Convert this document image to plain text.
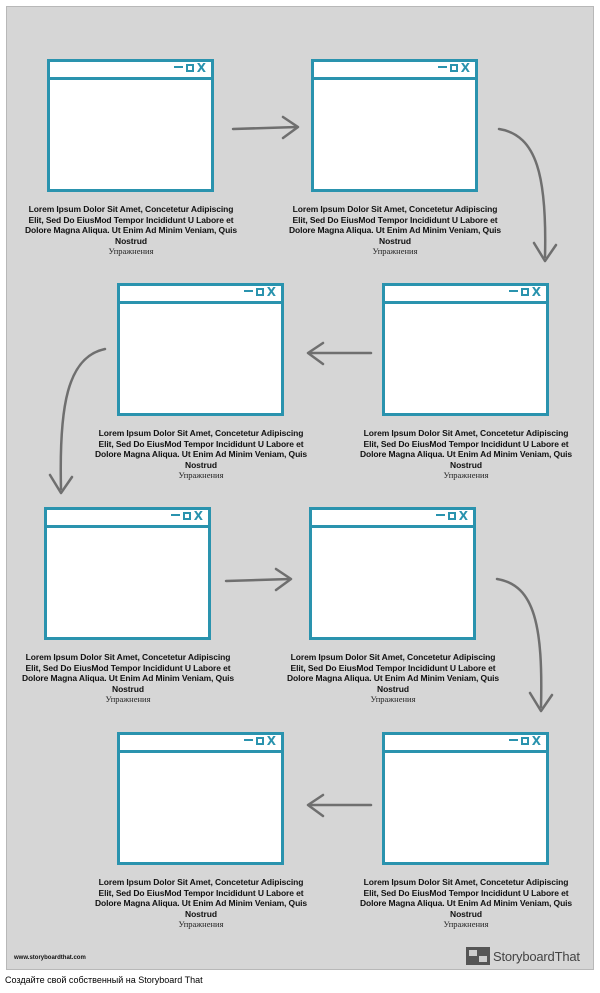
X
Lorem Ipsum Dolor Sit Amet, Concetetur Adipiscing Elit, Sed Do EiusMod Tempor Incididunt U Labore et Dolore Magna Aliqua. Ut Enim Ad Minim Veniam, Quis Nostrud
Упражнения
X
Lorem Ipsum Dolor Sit Amet, Concetetur Adipiscing Elit, Sed Do EiusMod Tempor Incididunt U Labore et Dolore Magna Aliqua. Ut Enim Ad Minim Veniam, Quis Nostrud
Упражнения
X
Lorem Ipsum Dolor Sit Amet, Concetetur Adipiscing Elit, Sed Do EiusMod Tempor Incididunt U Labore et Dolore Magna Aliqua. Ut Enim Ad Minim Veniam, Quis Nostrud
Упражнения
X
Lorem Ipsum Dolor Sit Amet, Concetetur Adipiscing Elit, Sed Do EiusMod Tempor Incididunt U Labore et Dolore Magna Aliqua. Ut Enim Ad Minim Veniam, Quis Nostrud
Упражнения
X
Lorem Ipsum Dolor Sit Amet, Concetetur Adipiscing Elit, Sed Do EiusMod Tempor Incididunt U Labore et Dolore Magna Aliqua. Ut Enim Ad Minim Veniam, Quis Nostrud
Упражнения
X
Lorem Ipsum Dolor Sit Amet, Concetetur Adipiscing Elit, Sed Do EiusMod Tempor Incididunt U Labore et Dolore Magna Aliqua. Ut Enim Ad Minim Veniam, Quis Nostrud
Упражнения
X
Lorem Ipsum Dolor Sit Amet, Concetetur Adipiscing Elit, Sed Do EiusMod Tempor Incididunt U Labore et Dolore Magna Aliqua. Ut Enim Ad Minim Veniam, Quis Nostrud
Упражнения
X
Lorem Ipsum Dolor Sit Amet, Concetetur Adipiscing Elit, Sed Do EiusMod Tempor Incididunt U Labore et Dolore Magna Aliqua. Ut Enim Ad Minim Veniam, Quis Nostrud
Упражнения
www.storyboardthat.com	StoryboardThat
Создайте свой собственный на Storyboard That
